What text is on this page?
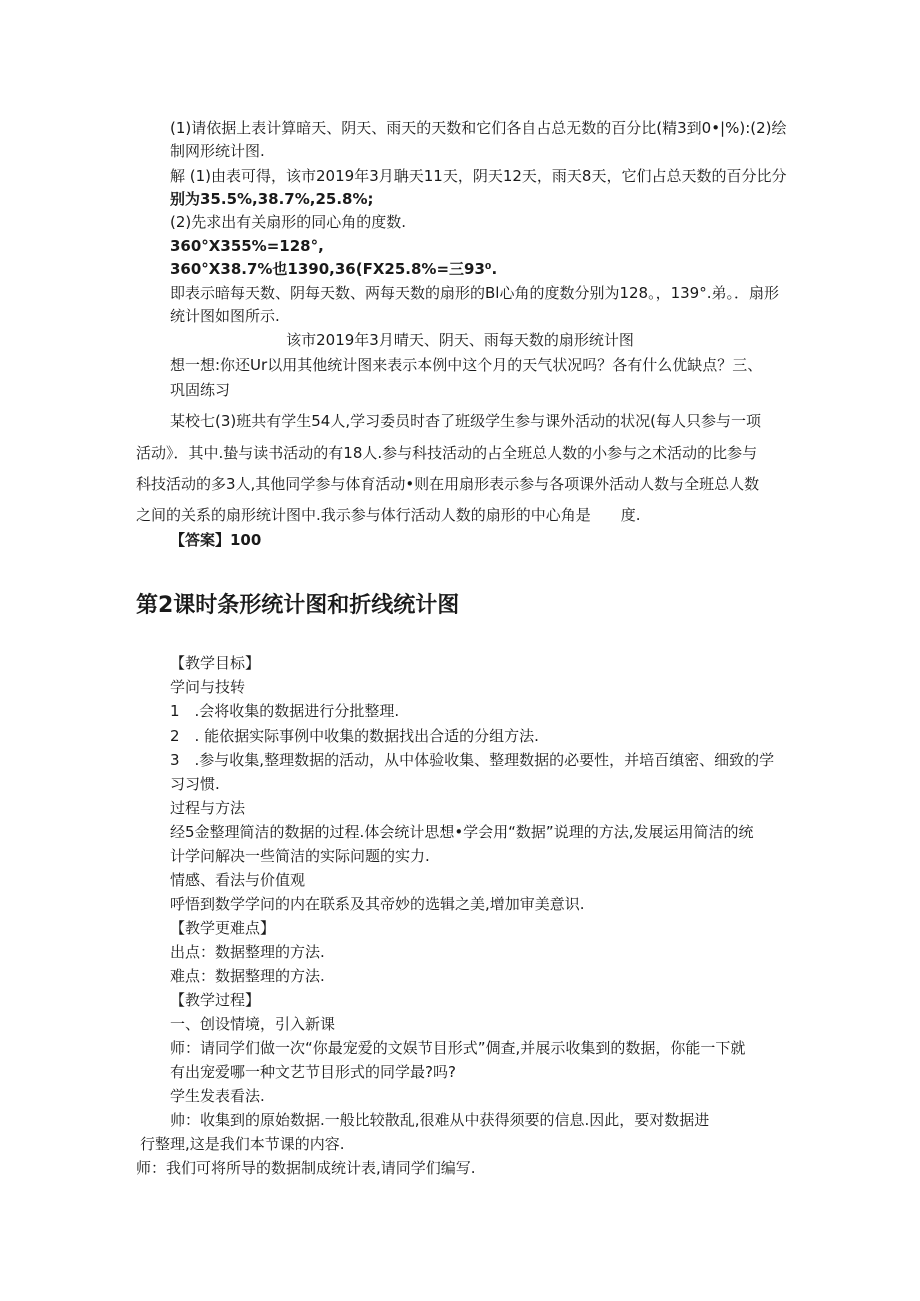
(1)请依据上表计算暗天、阴天、雨天的天数和它们各自占总无数的百分比(精3到0•|%):(2)绘
制网形统计图.
解 (1)由表可得，该市2019年3月聃天11天，阴天12天，雨天8天，它们占总天数的百分比分
别为35.5%,38.7%,25.8%;
(2)先求出有关扇形的同心角的度数.
360°X355%=128°,
360°X38.7%也1390,36(FX25.8%=三93⁰.
即表示暗每天数、阴每天数、两每天数的扇形的Bl心角的度数分别为128。，139°.弟。．扇形
统计图如图所示.
该市2019年3月晴天、阴天、雨每天数的扇形统计图
想一想:你还Ur以用其他统计图来表示本例中这个月的天气状况吗？各有什么优缺点？三、
巩固练习
某校七(3)班共有学生54人,学习委员时杳了班级学生参与课外活动的状况(每人只参与一项
活动》．其中.蛰与读书活动的有18人.参与科技活动的占全班总人数的小参与之术活动的比参与
科技活动的多3人,其他同学参与体育活动•则在用扇形表示参与各项课外活动人数与全班总人数
之间的关系的扇形统计图中.我示参与体行活动人数的扇形的中心角是　　度.
【答案】100
第2课时条形统计图和折线统计图
【教学目标】
学问与技转
1　.会将收集的数据进行分批整理.
2　. 能依据实际事例中收集的数据找出合适的分组方法.
3　.参与收集,整理数据的活动，从中体验收集、整理数据的必要性，并培百缜密、细致的学
习习惯.
过程与方法
经5金整理简洁的数据的过程.体会统计思想•学会用“数据”说理的方法,发展运用简洁的统
计学问解决一些简洁的实际问题的实力.
情感、看法与价值观
呼悟到数学学问的内在联系及其帝妙的选辑之美,增加审美意识.
【教学更难点】
出点：数据整理的方法.
难点：数据整理的方法.
【教学过程】
一、创设情境，引入新课
师：请同学们做一次“你最宠爱的文娱节目形式”倜查,并展示收集到的数据，你能一下就
有出宠爱哪一种文艺节目形式的同学最?吗?
学生发表看法.
帅：收集到的原始数据.一般比较散乱,很难从中获得须要的信息.因此，要对数据进
行整理,这是我们本节课的内容.
师：我们可将所导的数据制成统计表,请同学们编写.
